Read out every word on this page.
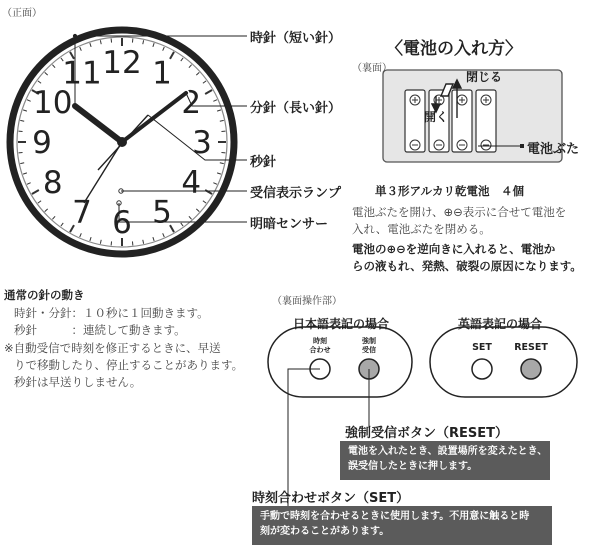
（正面）
12 1
2
3
4
5
6
7
8
9
10
11
時針（短い針）
分針（長い針）
秒針
受信表示ランプ
明暗センサー
〈電池の入れ方〉
（裏面）
閉じる
開く
電池ぶた
単３形アルカリ乾電池　４個
電池ぶたを開け、⊕⊖表示に合せて電池を
入れ、電池ぶたを閉める。
電池の⊕⊖を逆向きに入れると、電池か
らの液もれ、発熱、破裂の原因になります。
通常の針の動き
時針・分針：１０秒に１回動きます。
秒針　　　：連続して動きます。
※自動受信で時刻を修正するときに、早送
りで移動したり、停止することがあります。
秒針は早送りしません。
（裏面操作部）
日本語表記の場合	英語表記の場合
時刻
合わせ
強制
受信	SET	RESET
強制受信ボタン（RESET）
電池を入れたとき、設置場所を変えたとき、
誤受信したときに押します。
時刻合わせボタン（SET）
手動で時刻を合わせるときに使用します。不用意に触ると時
刻が変わることがあります。
